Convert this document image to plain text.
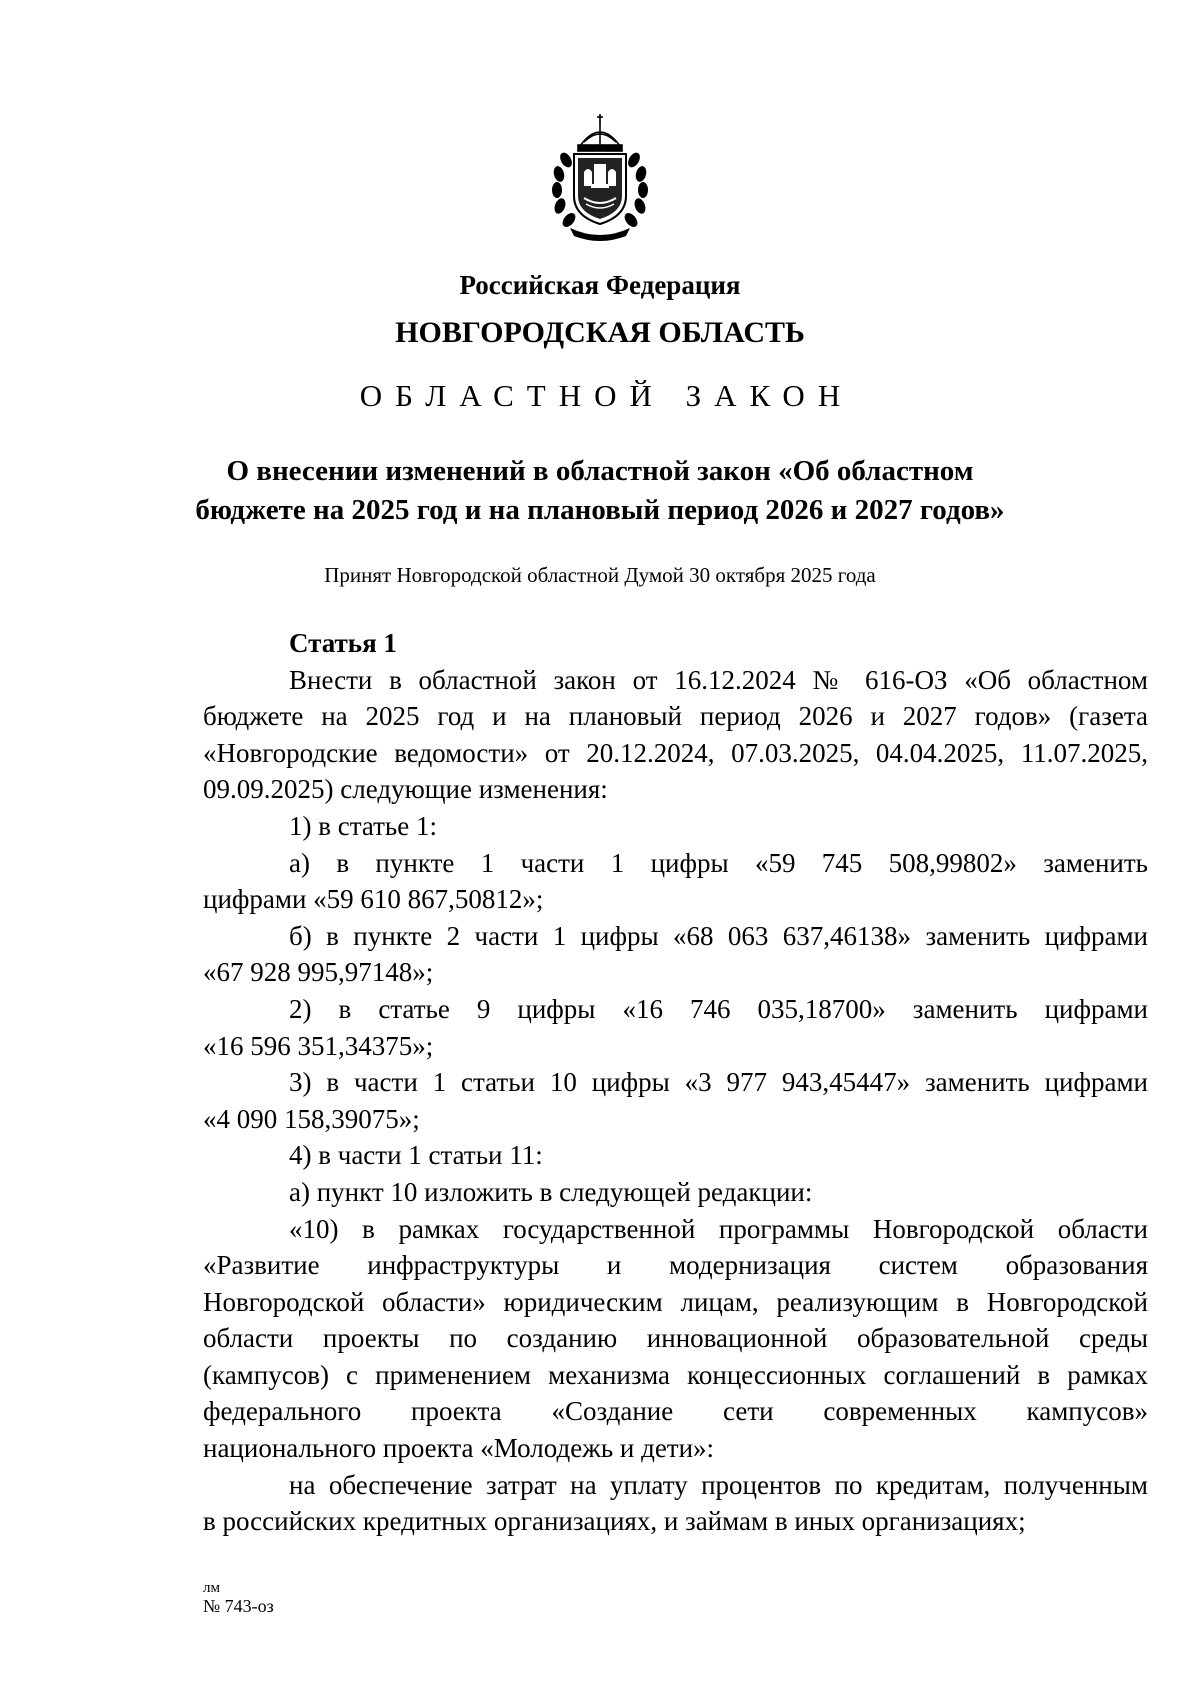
Российская Федерация
НОВГОРОДСКАЯ ОБЛАСТЬ
ОБЛАСТНОЙ ЗАКОН
О внесении изменений в областной закон «Об областном
бюджете на 2025 год и на плановый период 2026 и 2027 годов»
Принят Новгородской областной Думой 30 октября 2025 года
Статья 1
Внести в областной закон от 16.12.2024 № 616-ОЗ «Об областном
бюджете на 2025 год и на плановый период 2026 и 2027 годов» (газета
«Новгородские ведомости» от 20.12.2024, 07.03.2025, 04.04.2025, 11.07.2025,
09.09.2025) следующие изменения:
1) в статье 1:
а) в пункте 1 части 1 цифры «59 745 508,99802» заменить
цифрами «59 610 867,50812»;
б) в пункте 2 части 1 цифры «68 063 637,46138» заменить цифрами
«67 928 995,97148»;
2) в статье 9 цифры «16 746 035,18700» заменить цифрами
«16 596 351,34375»;
3) в части 1 статьи 10 цифры «3 977 943,45447» заменить цифрами
«4 090 158,39075»;
4) в части 1 статьи 11:
а) пункт 10 изложить в следующей редакции:
«10) в рамках государственной программы Новгородской области
«Развитие инфраструктуры и модернизация систем образования
Новгородской области» юридическим лицам, реализующим в Новгородской
области проекты по созданию инновационной образовательной среды
(кампусов) с применением механизма концессионных соглашений в рамках
федерального проекта «Создание сети современных кампусов»
национального проекта «Молодежь и дети»:
на обеспечение затрат на уплату процентов по кредитам, полученным
в российских кредитных организациях, и займам в иных организациях;
лм
№ 743-оз
